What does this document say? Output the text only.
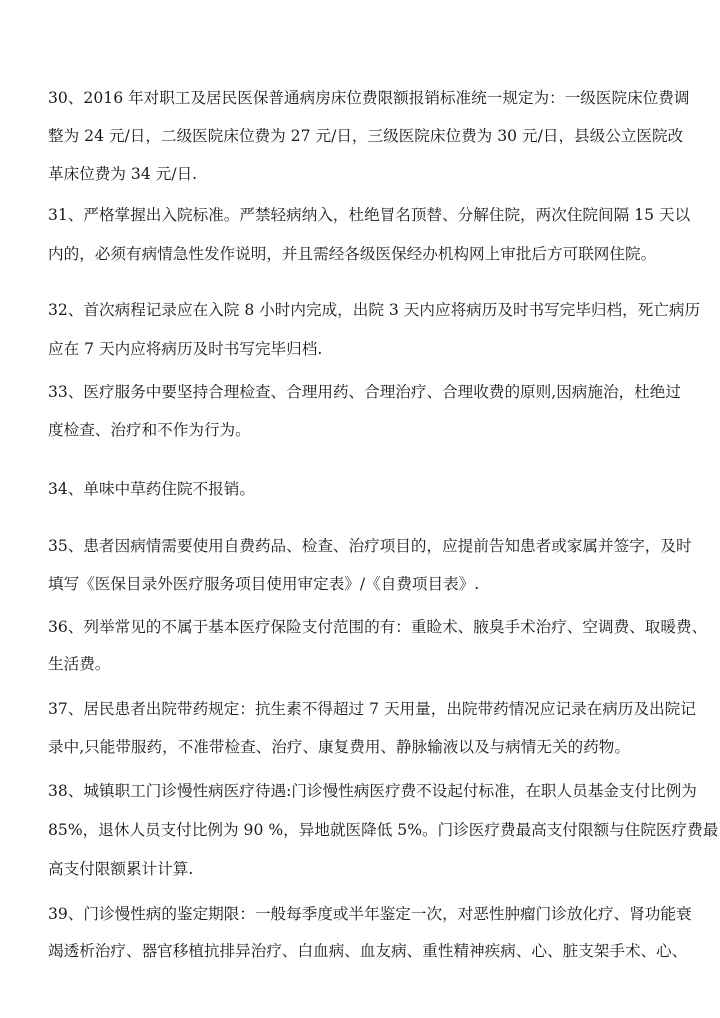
30、2016 年对职工及居民医保普通病房床位费限额报销标准统一规定为：一级医院床位费调
整为 24 元/日，二级医院床位费为 27 元/日，三级医院床位费为 30 元/日，县级公立医院改
革床位费为 34 元/日.
31、严格掌握出入院标准。严禁轻病纳入，杜绝冒名顶替、分解住院，两次住院间隔 15 天以
内的，必须有病情急性发作说明，并且需经各级医保经办机构网上审批后方可联网住院。
32、首次病程记录应在入院 8 小时内完成，出院 3 天内应将病历及时书写完毕归档，死亡病历
应在 7 天内应将病历及时书写完毕归档.
33、医疗服务中要坚持合理检查、合理用药、合理治疗、合理收费的原则,因病施治，杜绝过
度检查、治疗和不作为行为。
34、单味中草药住院不报销。
35、患者因病情需要使用自费药品、检查、治疗项目的，应提前告知患者或家属并签字，及时
填写《医保目录外医疗服务项目使用审定表》/《自费项目表》.
36、列举常见的不属于基本医疗保险支付范围的有：重睑术、腋臭手术治疗、空调费、取暖费、
生活费。
37、居民患者出院带药规定：抗生素不得超过 7 天用量，出院带药情况应记录在病历及出院记
录中,只能带服药，不准带检查、治疗、康复费用、静脉输液以及与病情无关的药物。
38、城镇职工门诊慢性病医疗待遇:门诊慢性病医疗费不设起付标准，在职人员基金支付比例为
85%，退休人员支付比例为 90 %，异地就医降低 5%。门诊医疗费最高支付限额与住院医疗费最
高支付限额累计计算.
39、门诊慢性病的鉴定期限：一般每季度或半年鉴定一次，对恶性肿瘤门诊放化疗、肾功能衰
竭透析治疗、器官移植抗排异治疗、白血病、血友病、重性精神疾病、心、脏支架手术、心、
